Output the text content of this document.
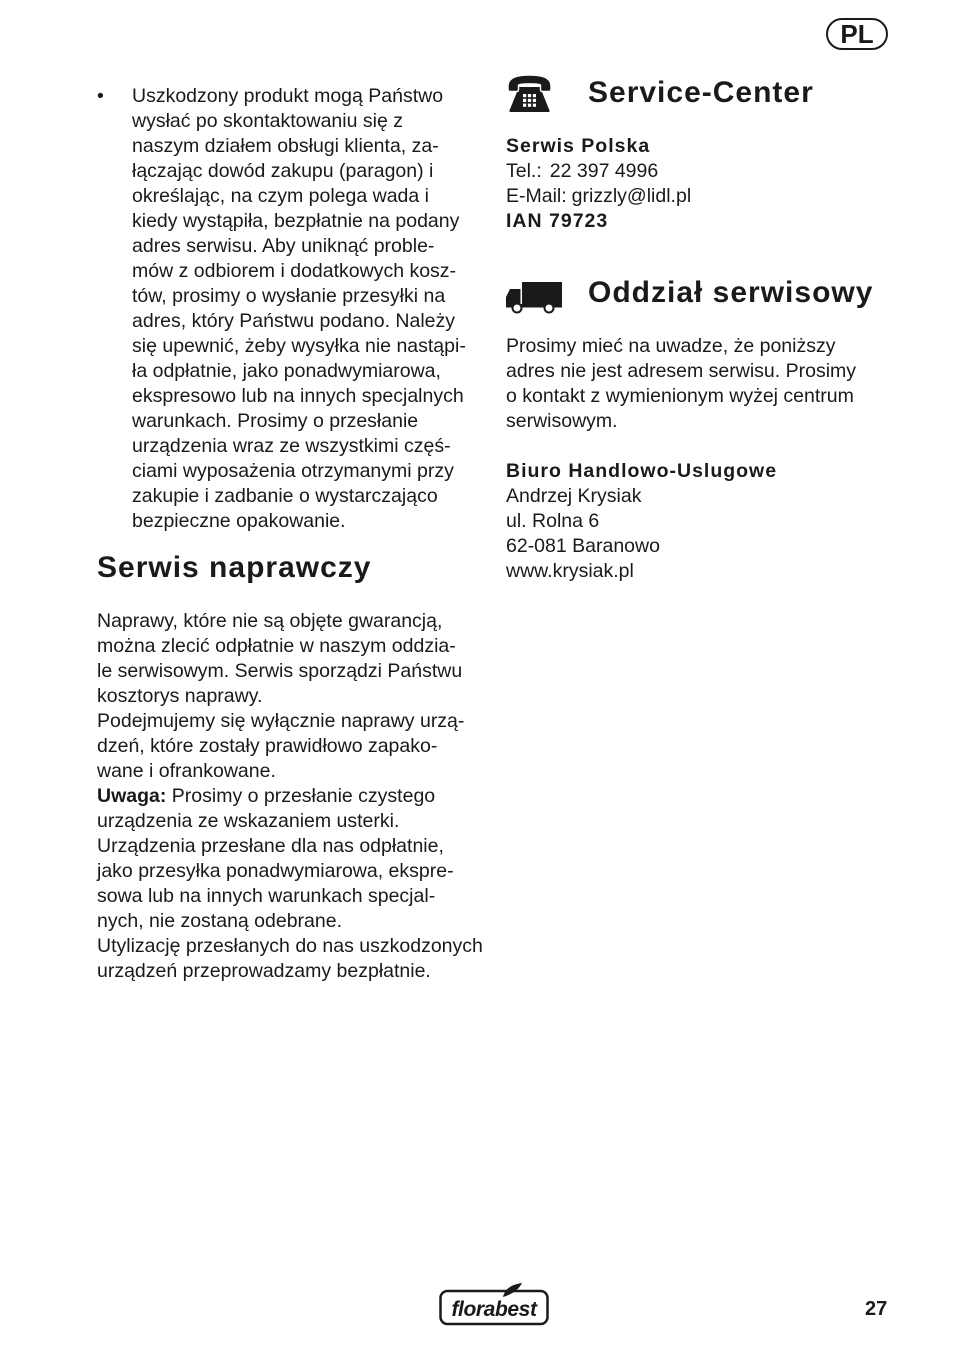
PL
• Uszkodzony produkt mogą Państwo
wysłać po skontaktowaniu się z
naszym działem obsługi klienta, za-
łączając dowód zakupu (paragon) i
określając, na czym polega wada i
kiedy wystąpiła, bezpłatnie na podany
adres serwisu. Aby uniknąć proble-
mów z odbiorem i dodatkowych kosz-
tów, prosimy o wysłanie przesyłki na
adres, który Państwu podano. Należy
się upewnić, żeby wysyłka nie nastąpi-
ła odpłatnie, jako ponadwymiarowa,
ekspresowo lub na innych specjalnych
warunkach. Prosimy o przesłanie
urządzenia wraz ze wszystkimi częś-
ciami wyposażenia otrzymanymi przy
zakupie i zadbanie o wystarczająco
bezpieczne opakowanie.
Serwis naprawczy
Naprawy, które nie są objęte gwarancją,
można zlecić odpłatnie w naszym oddzia-
le serwisowym. Serwis sporządzi Państwu
kosztorys naprawy.
Podejmujemy się wyłącznie naprawy urzą-
dzeń, które zostały prawidłowo zapako-
wane i ofrankowane.
Uwaga: Prosimy o przesłanie czystego
urządzenia ze wskazaniem usterki.
Urządzenia przesłane dla nas odpłatnie,
jako przesyłka ponadwymiarowa, ekspre-
sowa lub na innych warunkach specjal-
nych, nie zostaną odebrane.
Utylizację przesłanych do nas uszkodzonych
urządzeń przeprowadzamy bezpłatnie.
Service-Center
Serwis Polska
Tel.: 22 397 4996
E-Mail: grizzly@lidl.pl
IAN 79723
Oddział serwisowy
Prosimy mieć na uwadze, że poniższy
adres nie jest adresem serwisu. Prosimy
o kontakt z wymienionym wyżej centrum
serwisowym.
Biuro Handlowo-Uslugowe
Andrzej Krysiak
ul. Rolna 6
62-081 Baranowo
www.krysiak.pl
florabest	27
